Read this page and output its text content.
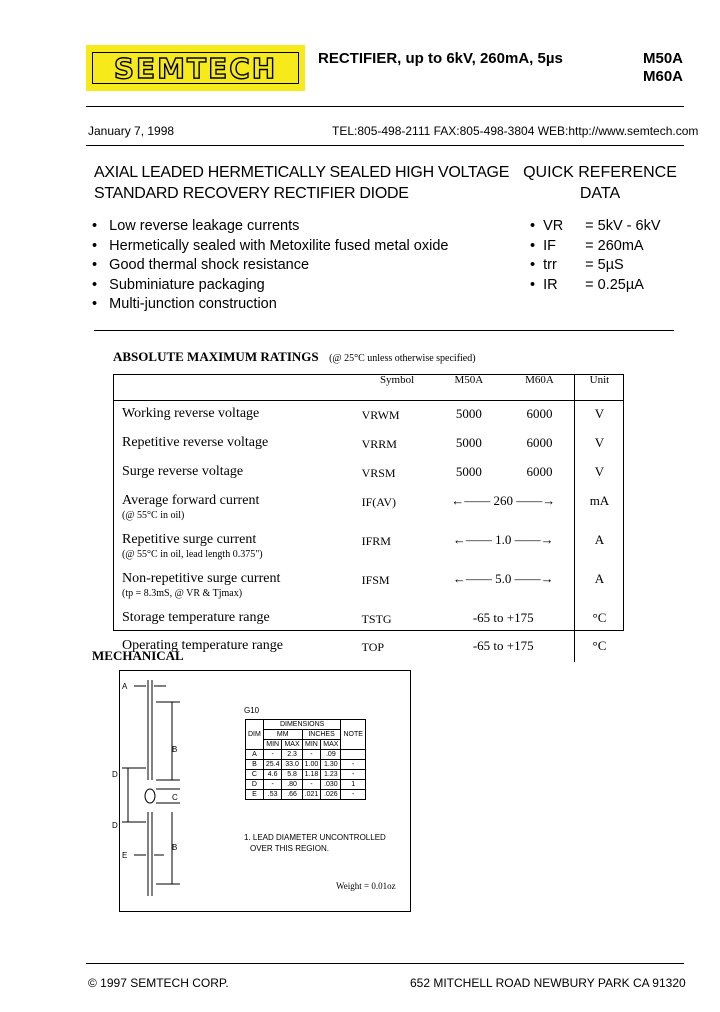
SEMTECH	RECTIFIER, up to 6kV, 260mA, 5µs	M50A
M60A
January 7, 1998	TEL:805-498-2111 FAX:805-498-3804 WEB:http://www.semtech.com
AXIAL LEADED HERMETICALLY SEALED HIGH VOLTAGE
STANDARD RECOVERY RECTIFIER DIODE
QUICK REFERENCE
DATA
•   Low reverse leakage currents
•   Hermetically sealed with Metoxilite fused metal oxide
•   Good thermal shock resistance
•   Subminiature packaging
•   Multi-junction construction
•  VR = 5kV - 6kV
•  IF = 260mA
•  trr = 5µS
•  IR = 0.25µA
ABSOLUTE MAXIMUM RATINGS (@ 25°C unless otherwise specified)
	Symbol	M50A	M60A	Unit
Working reverse voltage	VRWM	5000	6000	V
Repetitive reverse voltage	VRRM	5000	6000	V
Surge reverse voltage	VRSM	5000	6000	V
Average forward current
(@ 55°C in oil)	IF(AV)	←—— 260 ——→		mA
Repetitive surge current
(@ 55°C in oil, lead length 0.375")	IFRM	←—— 1.0 ——→		A
Non-repetitive surge current
(tp = 8.3mS, @ VR & Tjmax)	IFSM	←—— 5.0 ——→		A
Storage temperature range	TSTG	-65 to +175		°C
Operating temperature range	TOP	-65 to +175		°C
MECHANICAL
A
B
C
D
D
B
E
G10
DIM	DIMENSIONS				NOTE
	MM		INCHES		
	MIN	MAX	MIN	MAX	
A	-	2.3	-	.09	
B	25.4	33.0	1.00	1.30	-
C	4.6	5.8	1.18	1.23	-
D	-	.80	-	.030	1
E	.53	.66	.021	.026	-
1. LEAD DIAMETER UNCONTROLLED
OVER THIS REGION.
Weight = 0.01oz
© 1997 SEMTECH CORP.	652 MITCHELL ROAD NEWBURY PARK CA 91320
